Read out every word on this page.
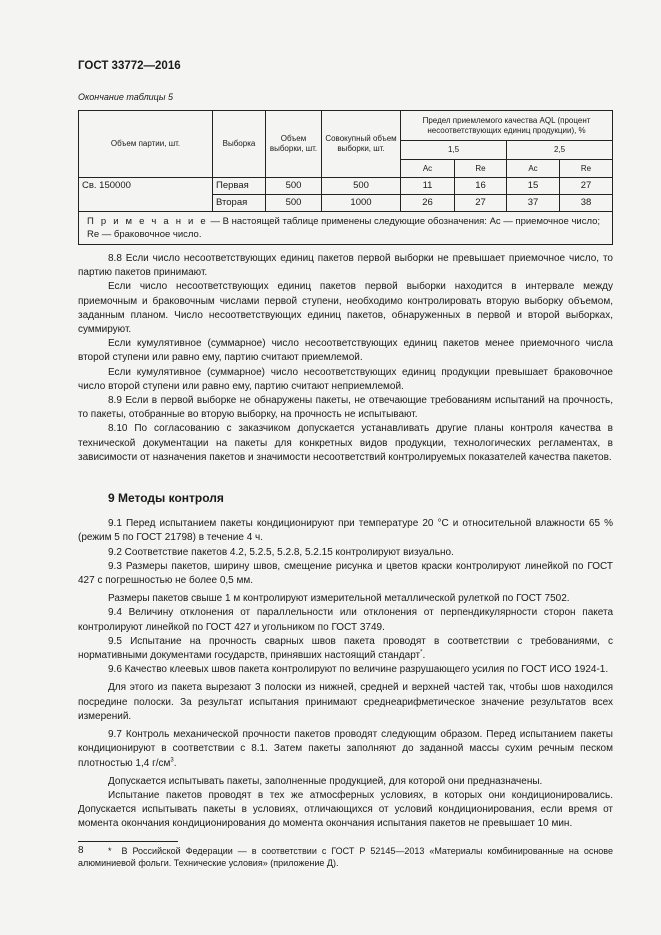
ГОСТ 33772—2016
Окончание таблицы 5
Объем партии, шт.	Выборка	Объем выборки, шт.	Совокупный объем выборки, шт.	Предел приемлемого качества AQL (процент несоответствующих единиц продукции), %			
				1,5		2,5	
				Ac	Re	Ac	Re
Св. 150000	Первая	500	500	11	16	15	27
	Вторая	500	1000	26	27	37	38
П р и м е ч а н и е — В настоящей таблице применены следующие обозначения: Ac — приемочное число; Re — браковочное число.							

8.8 Если число несоответствующих единиц пакетов первой выборки не превышает приемочное число, то партию пакетов принимают.

Если число несоответствующих единиц пакетов первой выборки находится в интервале между приемочным и браковочным числами первой ступени, необходимо контролировать вторую выборку объемом, заданным планом. Число несоответствующих единиц пакетов, обнаруженных в первой и второй выборках, суммируют.

Если кумулятивное (суммарное) число несоответствующих единиц пакетов менее приемочного числа второй ступени или равно ему, партию считают приемлемой.

Если кумулятивное (суммарное) число несоответствующих единиц продукции превышает браковочное число второй ступени или равно ему, партию считают неприемлемой.

8.9 Если в первой выборке не обнаружены пакеты, не отвечающие требованиям испытаний на прочность, то пакеты, отобранные во вторую выборку, на прочность не испытывают.

8.10 По согласованию с заказчиком допускается устанавливать другие планы контроля качества в технической документации на пакеты для конкретных видов продукции, технологических регламентах, в зависимости от назначения пакетов и значимости несоответствий контролируемых показателей качества пакетов.

9 Методы контроля

9.1 Перед испытанием пакеты кондиционируют при температуре 20 °С и относительной влажности 65 % (режим 5 по ГОСТ 21798) в течение 4 ч.

9.2 Соответствие пакетов 4.2, 5.2.5, 5.2.8, 5.2.15 контролируют визуально.

9.3 Размеры пакетов, ширину швов, смещение рисунка и цветов краски контролируют линейкой по ГОСТ 427 с погрешностью не более 0,5 мм.

Размеры пакетов свыше 1 м контролируют измерительной металлической рулеткой по ГОСТ 7502.

9.4 Величину отклонения от параллельности или отклонения от перпендикулярности сторон пакета контролируют линейкой по ГОСТ 427 и угольником по ГОСТ 3749.

9.5 Испытание на прочность сварных швов пакета проводят в соответствии с требованиями, с нормативными документами государств, принявших настоящий стандарт*.

9.6 Качество клеевых швов пакета контролируют по величине разрушающего усилия по ГОСТ ИСО 1924-1.

Для этого из пакета вырезают 3 полоски из нижней, средней и верхней частей так, чтобы шов находился посредине полоски. За результат испытания принимают среднеарифметическое значение результатов всех измерений.

9.7 Контроль механической прочности пакетов проводят следующим образом. Перед испытанием пакеты кондиционируют в соответствии с 8.1. Затем пакеты заполняют до заданной массы сухим речным песком плотностью 1,4 $г/см^3$.

Допускается испытывать пакеты, заполненные продукцией, для которой они предназначены.

Испытание пакетов проводят в тех же атмосферных условиях, в которых они кондиционировались. Допускается испытывать пакеты в условиях, отличающихся от условий кондиционирования, если время от момента окончания кондиционирования до момента окончания испытания пакетов не превышает 10 мин.

* В Российской Федерации — в соответствии с ГОСТ Р 52145—2013 «Материалы комбинированные на основе алюминиевой фольги. Технические условия» (приложение Д).

8
